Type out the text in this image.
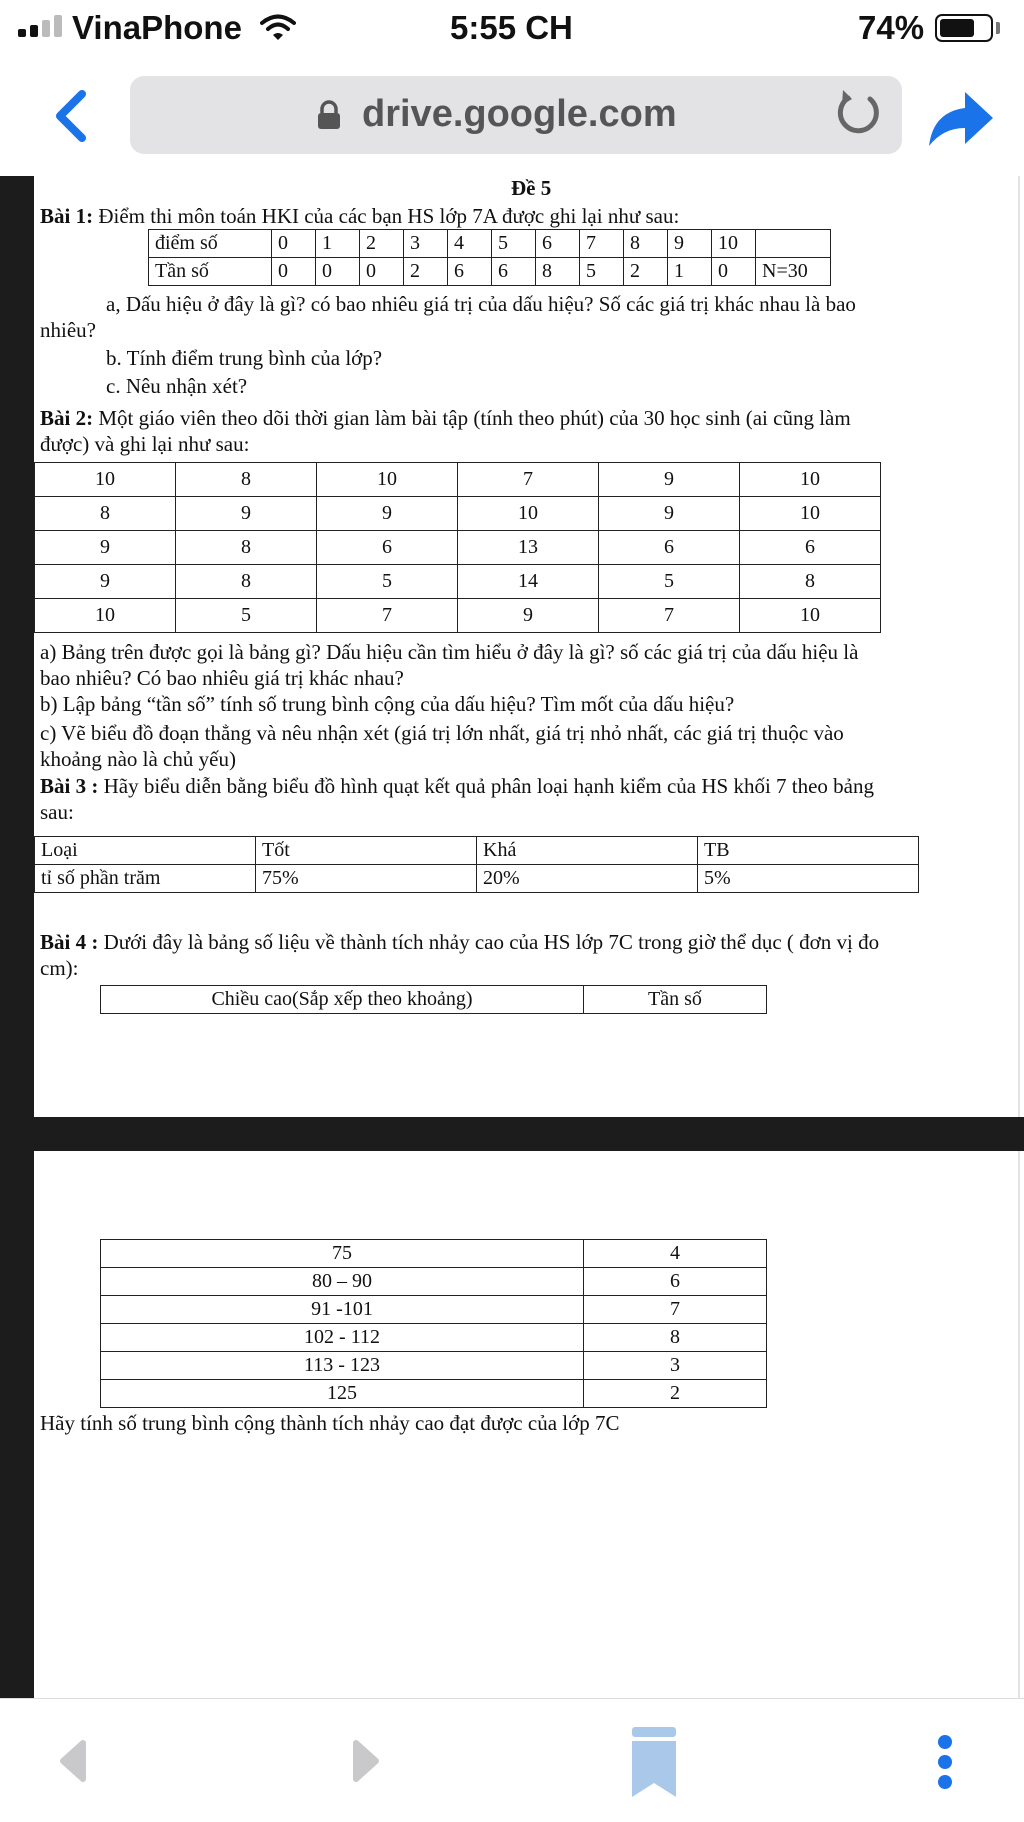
VinaPhone	5:55 CH	74%
drive.google.com
Đề 5
Bài 1: Điểm thi môn toán HKI của các bạn HS lớp 7A được ghi lại như sau:
điểm số	0	1	2	3	4	5	6	7	8	9	10	
Tần số	0	0	0	2	6	6	8	5	2	1	0	N=30
a, Dấu hiệu ở đây là gì? có bao nhiêu giá trị của dấu hiệu? Số các giá trị khác nhau là bao
nhiêu?
b. Tính điểm trung bình của lớp?
c. Nêu nhận xét?
Bài 2: Một giáo viên theo dõi thời gian làm bài tập (tính theo phút) của 30 học sinh (ai cũng làm
được) và ghi lại như sau:
10	8	10	7	9	10
8	9	9	10	9	10
9	8	6	13	6	6
9	8	5	14	5	8
10	5	7	9	7	10
a) Bảng trên được gọi là bảng gì? Dấu hiệu cần tìm hiểu ở đây là gì? số các giá trị của dấu hiệu là
bao nhiêu? Có bao nhiêu giá trị khác nhau?
b) Lập bảng “tần số” tính số trung bình cộng của dấu hiệu? Tìm mốt của dấu hiệu?
c) Vẽ biểu đồ đoạn thẳng và nêu nhận xét (giá trị lớn nhất, giá trị nhỏ nhất, các giá trị thuộc vào
khoảng nào là chủ yếu)
Bài 3 : Hãy biểu diễn bằng biểu đồ hình quạt kết quả phân loại hạnh kiểm của HS khối 7 theo bảng
sau:
Loại	Tốt	Khá	TB
tỉ số phần trăm	75%	20%	5%
Bài 4 : Dưới đây là bảng số liệu về thành tích nhảy cao của HS lớp 7C trong giờ thể dục ( đơn vị đo
cm):
Chiều cao(Sắp xếp theo khoảng)	Tần số
75	4
80 – 90	6
91 -101	7
102 - 112	8
113 - 123	3
125	2
Hãy tính số trung bình cộng thành tích nhảy cao đạt được của lớp 7C
